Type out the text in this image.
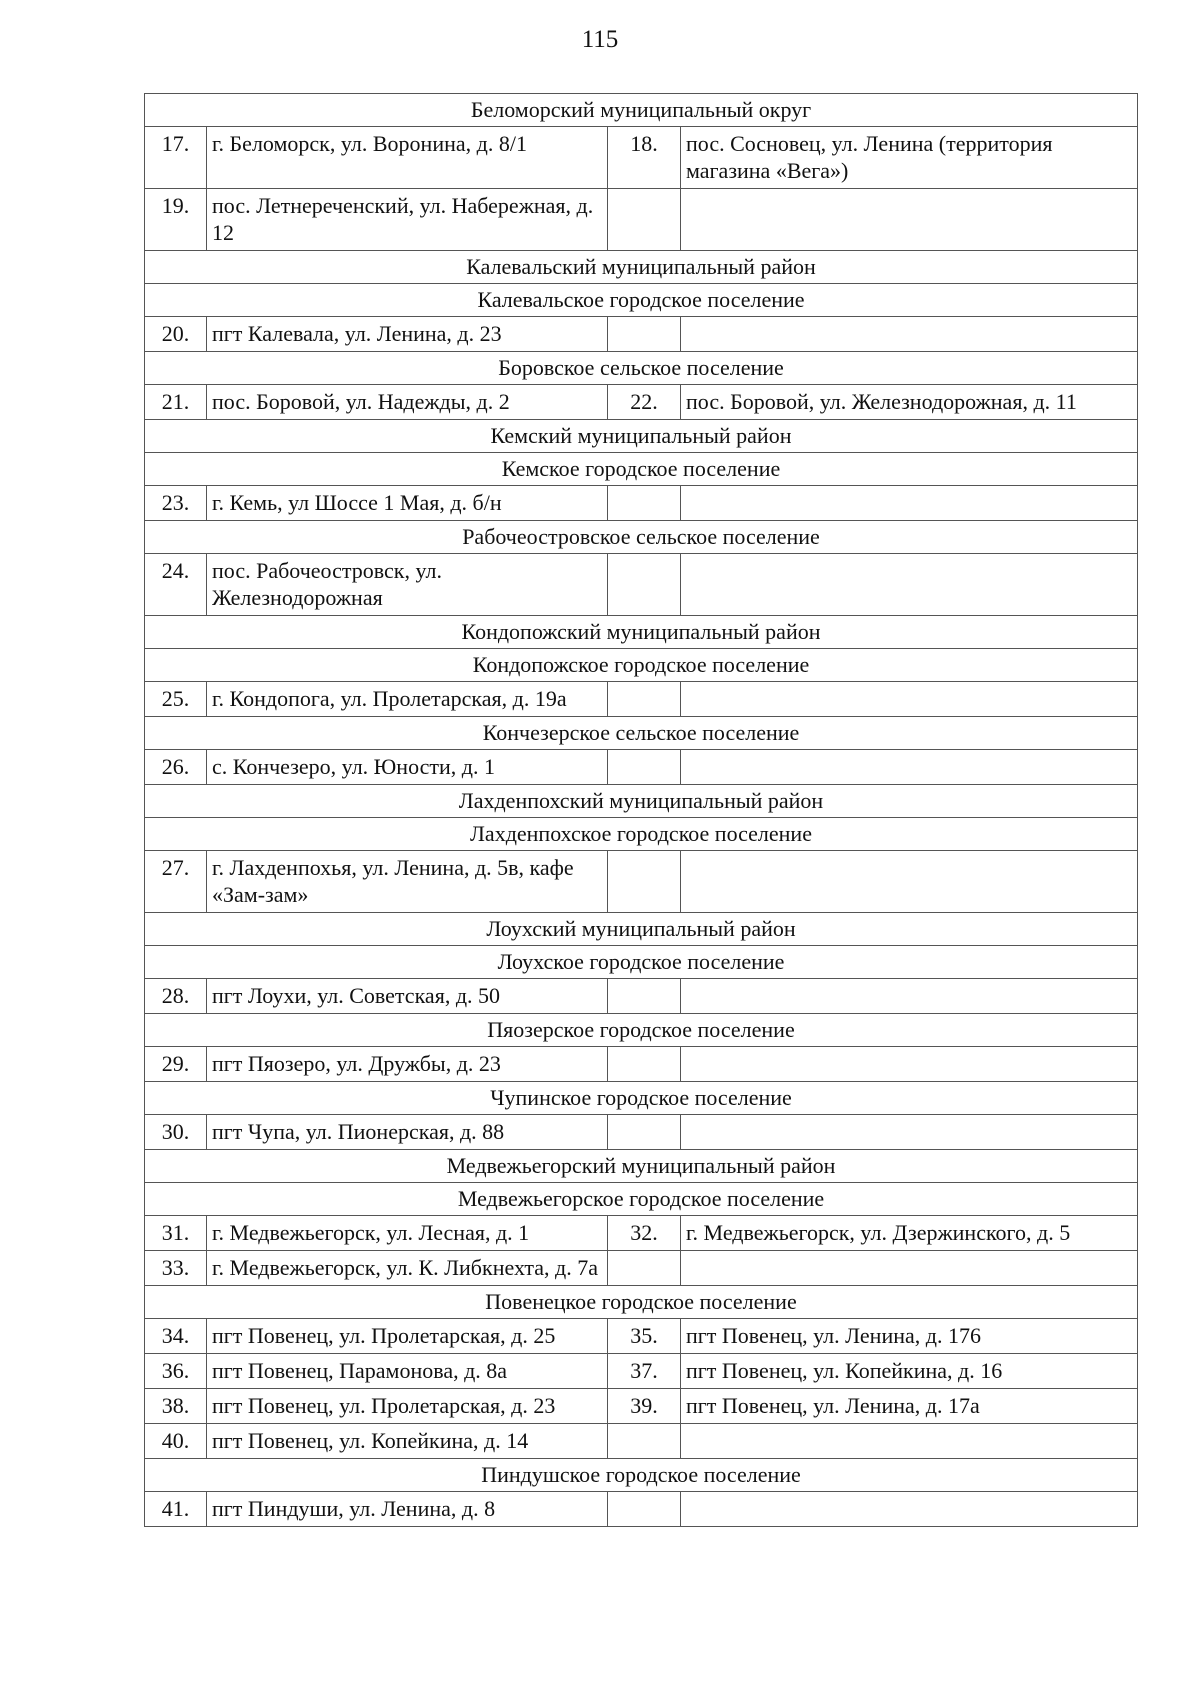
115
Беломорский муниципальный округ			
17.	г. Беломорск, ул. Воронина, д. 8/1	18.	пос. Сосновец, ул. Ленина (территория магазина «Вега»)
19.	пос. Летнереченский, ул. Набережная, д. 12		
Калевальский муниципальный район			
Калевальское городское поселение			
20.	пгт Калевала, ул. Ленина, д. 23		
Боровское сельское поселение			
21.	пос. Боровой, ул. Надежды, д. 2	22.	пос. Боровой, ул. Железнодорожная, д. 11
Кемский муниципальный район			
Кемское городское поселение			
23.	г. Кемь, ул Шоссе 1 Мая, д. б/н		
Рабочеостровское сельское поселение			
24.	пос. Рабочеостровск, ул. Железнодорожная		
Кондопожский муниципальный район			
Кондопожское городское поселение			
25.	г. Кондопога, ул. Пролетарская, д. 19а		
Кончезерское сельское поселение			
26.	с. Кончезеро, ул. Юности, д. 1		
Лахденпохский муниципальный район			
Лахденпохское городское поселение			
27.	г. Лахденпохья, ул. Ленина, д. 5в, кафе «Зам-зам»		
Лоухский муниципальный район			
Лоухское городское поселение			
28.	пгт Лоухи, ул. Советская, д. 50		
Пяозерское городское поселение			
29.	пгт Пяозеро, ул. Дружбы, д. 23		
Чупинское городское поселение			
30.	пгт Чупа, ул. Пионерская, д. 88		
Медвежьегорский муниципальный район			
Медвежьегорское городское поселение			
31.	г. Медвежьегорск, ул. Лесная, д. 1	32.	г. Медвежьегорск, ул. Дзержинского, д. 5
33.	г. Медвежьегорск, ул. К. Либкнехта, д. 7а		
Повенецкое городское поселение			
34.	пгт Повенец, ул. Пролетарская, д. 25	35.	пгт Повенец, ул. Ленина, д. 176
36.	пгт Повенец, Парамонова, д. 8а	37.	пгт Повенец, ул. Копейкина, д. 16
38.	пгт Повенец, ул. Пролетарская, д. 23	39.	пгт Повенец, ул. Ленина, д. 17а
40.	пгт Повенец, ул. Копейкина, д. 14		
Пиндушское городское поселение			
41.	пгт Пиндуши, ул. Ленина, д. 8		
